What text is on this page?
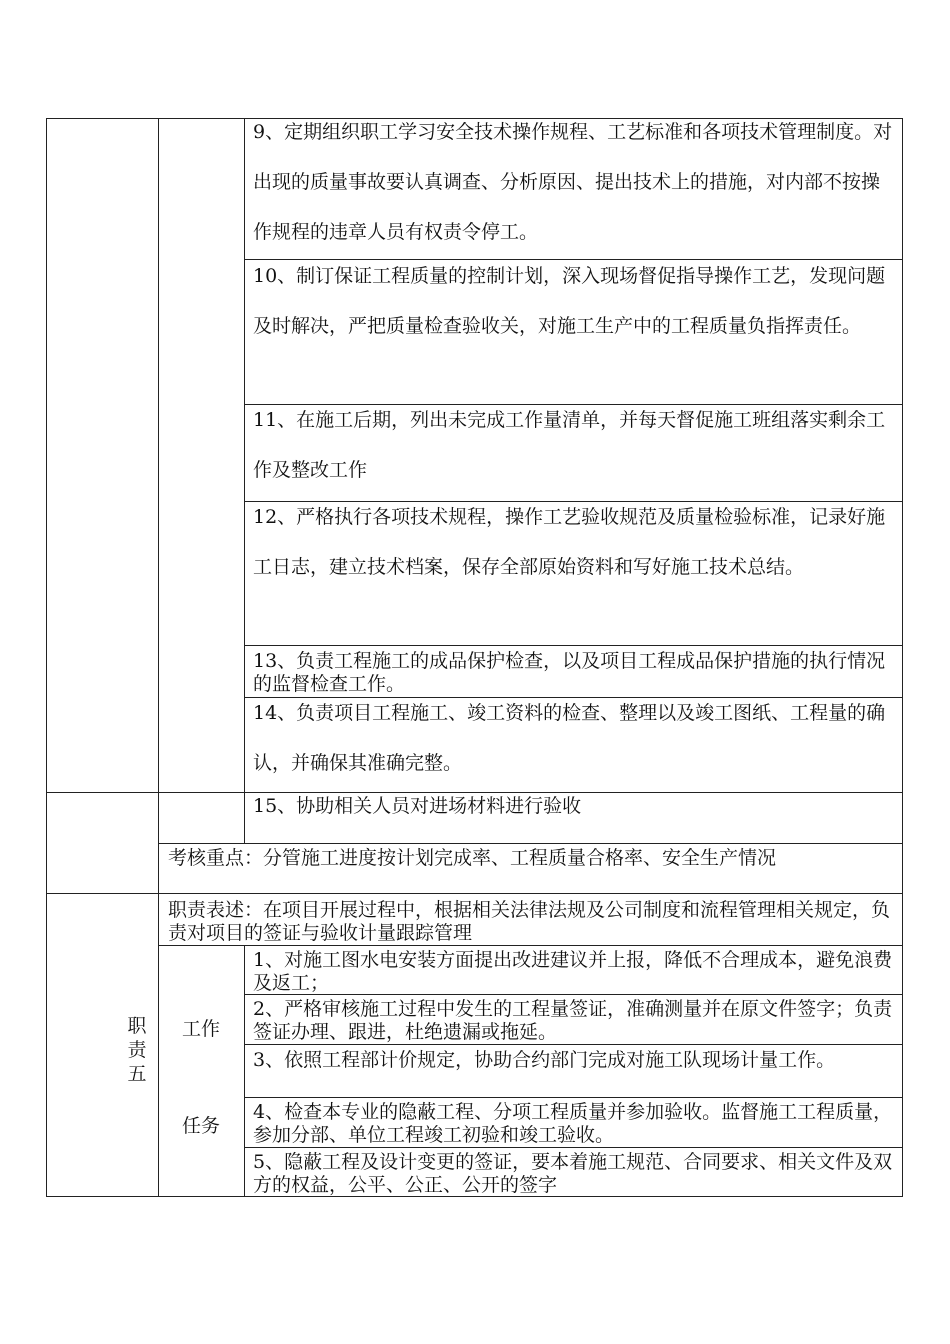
9、定期组织职工学习安全技术操作规程、工艺标准和各项技术管理制度。对出现的质量事故要认真调查、分析原因、提出技术上的措施，对内部不按操作规程的违章人员有权责令停工。
10、制订保证工程质量的控制计划，深入现场督促指导操作工艺，发现问题及时解决，严把质量检查验收关，对施工生产中的工程质量负指挥责任。
11、在施工后期，列出未完成工作量清单，并每天督促施工班组落实剩余工作及整改工作
12、严格执行各项技术规程，操作工艺验收规范及质量检验标准，记录好施工日志，建立技术档案，保存全部原始资料和写好施工技术总结。
13、负责工程施工的成品保护检查，以及项目工程成品保护措施的执行情况的监督检查工作。
14、负责项目工程施工、竣工资料的检查、整理以及竣工图纸、工程量的确认，并确保其准确完整。
15、协助相关人员对进场材料进行验收
考核重点：分管施工进度按计划完成率、工程质量合格率、安全生产情况
职责表述：在项目开展过程中，根据相关法律法规及公司制度和流程管理相关规定，负责对项目的签证与验收计量跟踪管理
职
责
五
工作
任务
1、对施工图水电安装方面提出改进建议并上报，降低不合理成本，避免浪费及返工；
2、严格审核施工过程中发生的工程量签证，准确测量并在原文件签字；负责签证办理、跟进，杜绝遗漏或拖延。
3、依照工程部计价规定，协助合约部门完成对施工队现场计量工作。
4、检查本专业的隐蔽工程、分项工程质量并参加验收。监督施工工程质量，参加分部、单位工程竣工初验和竣工验收。
5、隐蔽工程及设计变更的签证，要本着施工规范、合同要求、相关文件及双方的权益，公平、公正、公开的签字
